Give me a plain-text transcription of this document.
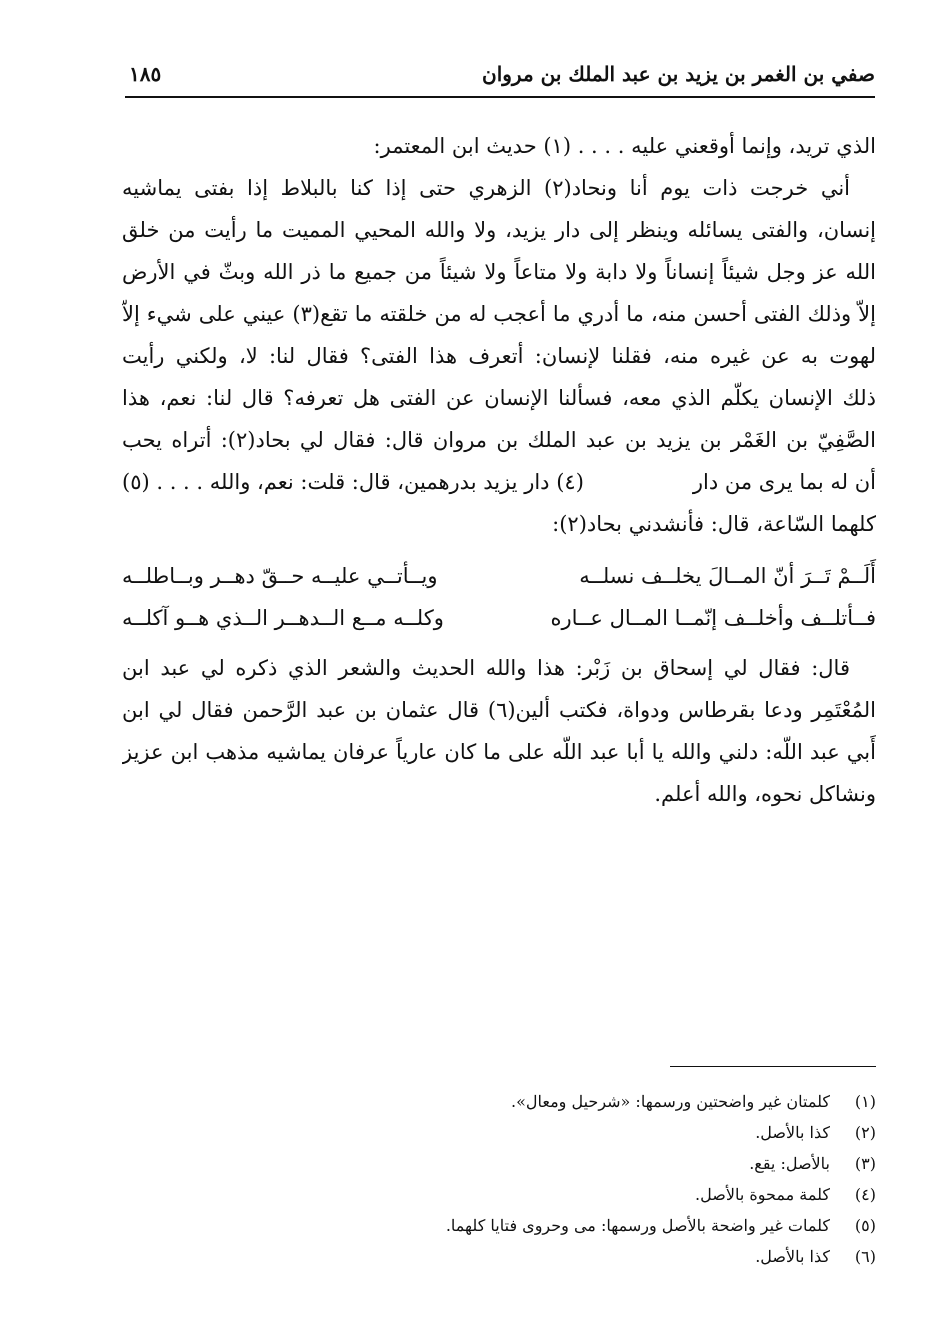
صفي بن الغمر بن يزيد بن عبد الملك بن مروان
١٨٥
الذي تريد، وإنما أوقعني عليه . . . . (١) حديث ابن المعتمر:
أني خرجت ذات يوم أنا ونحاد(٢) الزهري حتى إذا كنا بالبلاط إذا بفتى يماشيه
إنسان، والفتى يسائله وينظر إلى دار يزيد، ولا والله المحيي المميت ما رأيت من خلق
الله عز وجل شيئاً إنساناً ولا دابة ولا متاعاً ولا شيئاً من جميع ما ذر الله وبثّ في الأرض
إلاّ وذلك الفتى أحسن منه، ما أدري ما أعجب له من خلقته ما تقع(٣) عيني على شيء إلاّ
لهوت به عن غيره منه، فقلنا لإنسان: أتعرف هذا الفتى؟ فقال لنا: لا، ولكني رأيت
ذلك الإنسان يكلّم الذي معه، فسألنا الإنسان عن الفتى هل تعرفه؟ قال لنا: نعم، هذا
الصَّفِيّ بن الغَمْر بن يزيد بن عبد الملك بن مروان قال: فقال لي بحاد(٢): أتراه يحب
أن له بما يرى من دار
(٤) دار يزيد بدرهمين، قال: قلت: نعم، والله . . . . (٥)
كلهما السّاعة، قال: فأنشدني بحاد(٢):
أَلَــمْ تَــرَ أنّ المــالَ يخلــف نسلــه
ويــأتــي عليــه حــقّ دهــر وبــاطلــه
فــأتلــف وأخلــف إنّمــا المــال عــاره
وكلــه مــع الــدهــر الــذي هــو آكلــه
قال: فقال لي إسحاق بن زَبْر: هذا والله الحديث والشعر الذي ذكره لي عبد ابن
المُعْتَمِر ودعا بقرطاس ودواة، فكتب ألين(٦) قال عثمان بن عبد الرَّحمن فقال لي ابن
أَبي عبد اللّه: دلني والله يا أبا عبد اللّه على ما كان عارياً عرفان يماشيه مذهب ابن عزيز
ونشاكل نحوه، والله أعلم.
(١)كلمتان غير واضحتين ورسمها: «شرحيل ومعال».
(٢)كذا بالأصل.
(٣)بالأصل: يقع.
(٤)كلمة ممحوة بالأصل.
(٥)كلمات غير واضحة بالأصل ورسمها: مى وحروى فتايا كلهما.
(٦)كذا بالأصل.
